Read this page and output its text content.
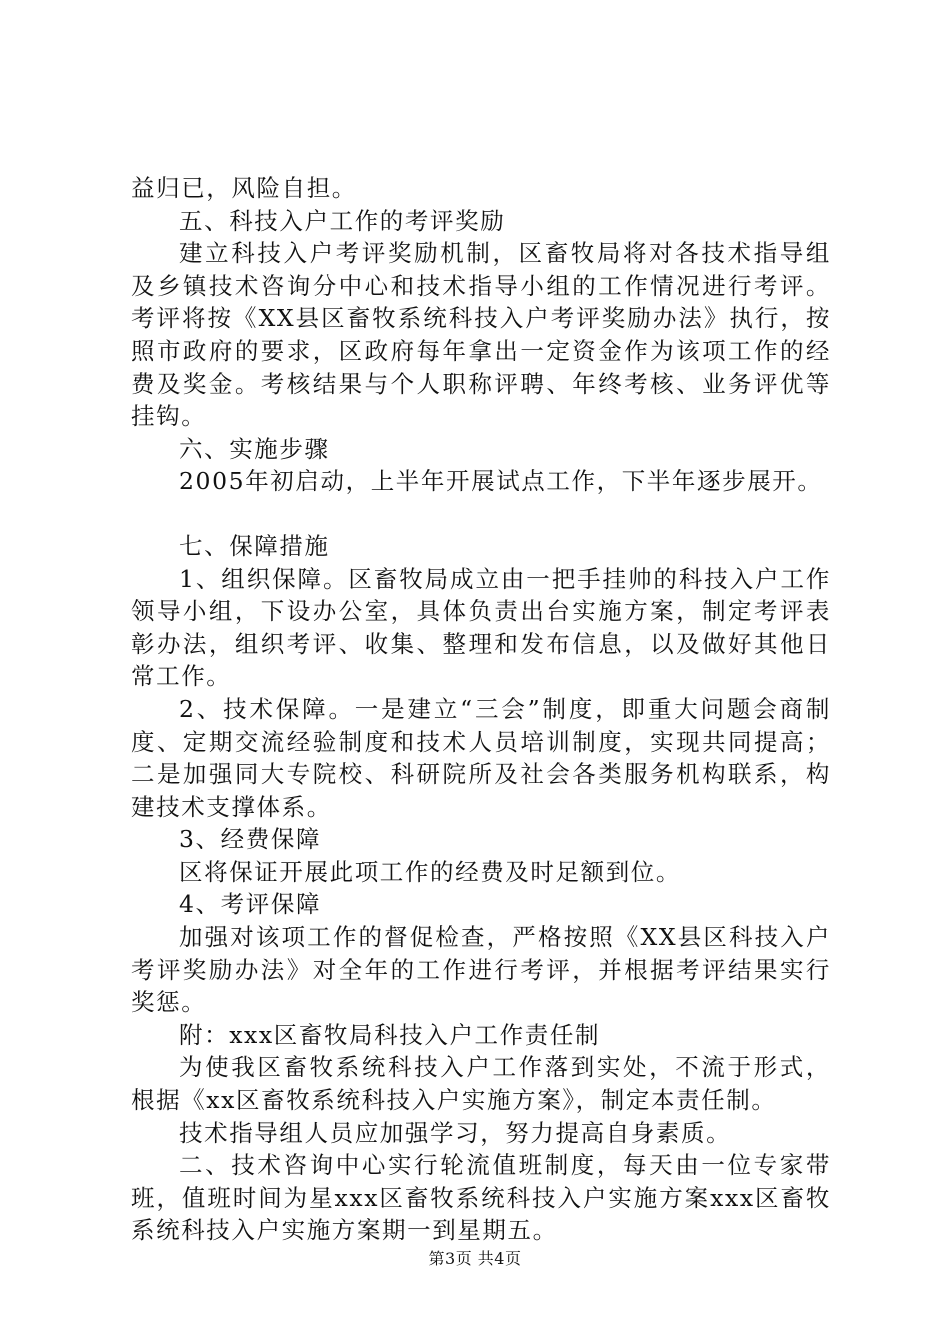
益归已，风险自担。

五、科技入户工作的考评奖励

建立科技入户考评奖励机制，区畜牧局将对各技术指导组及乡镇技术咨询分中心和技术指导小组的工作情况进行考评。考评将按《XX县区畜牧系统科技入户考评奖励办法》执行，按照市政府的要求，区政府每年拿出一定资金作为该项工作的经费及奖金。考核结果与个人职称评聘、年终考核、业务评优等挂钩。

六、实施步骤

2005年初启动，上半年开展试点工作，下半年逐步展开。

七、保障措施

1、组织保障。区畜牧局成立由一把手挂帅的科技入户工作领导小组，下设办公室，具体负责出台实施方案，制定考评表彰办法，组织考评、收集、整理和发布信息，以及做好其他日常工作。

2、技术保障。一是建立“三会”制度，即重大问题会商制度、定期交流经验制度和技术人员培训制度，实现共同提高；二是加强同大专院校、科研院所及社会各类服务机构联系，构建技术支撑体系。

3、经费保障

区将保证开展此项工作的经费及时足额到位。

4、考评保障

加强对该项工作的督促检查，严格按照《XX县区科技入户考评奖励办法》对全年的工作进行考评，并根据考评结果实行奖惩。

附：xxx区畜牧局科技入户工作责任制

为使我区畜牧系统科技入户工作落到实处，不流于形式，根据《xx区畜牧系统科技入户实施方案》，制定本责任制。

技术指导组人员应加强学习，努力提高自身素质。

二、技术咨询中心实行轮流值班制度，每天由一位专家带班，值班时间为星xxx区畜牧系统科技入户实施方案xxx区畜牧系统科技入户实施方案期一到星期五。

第3页 共4页
